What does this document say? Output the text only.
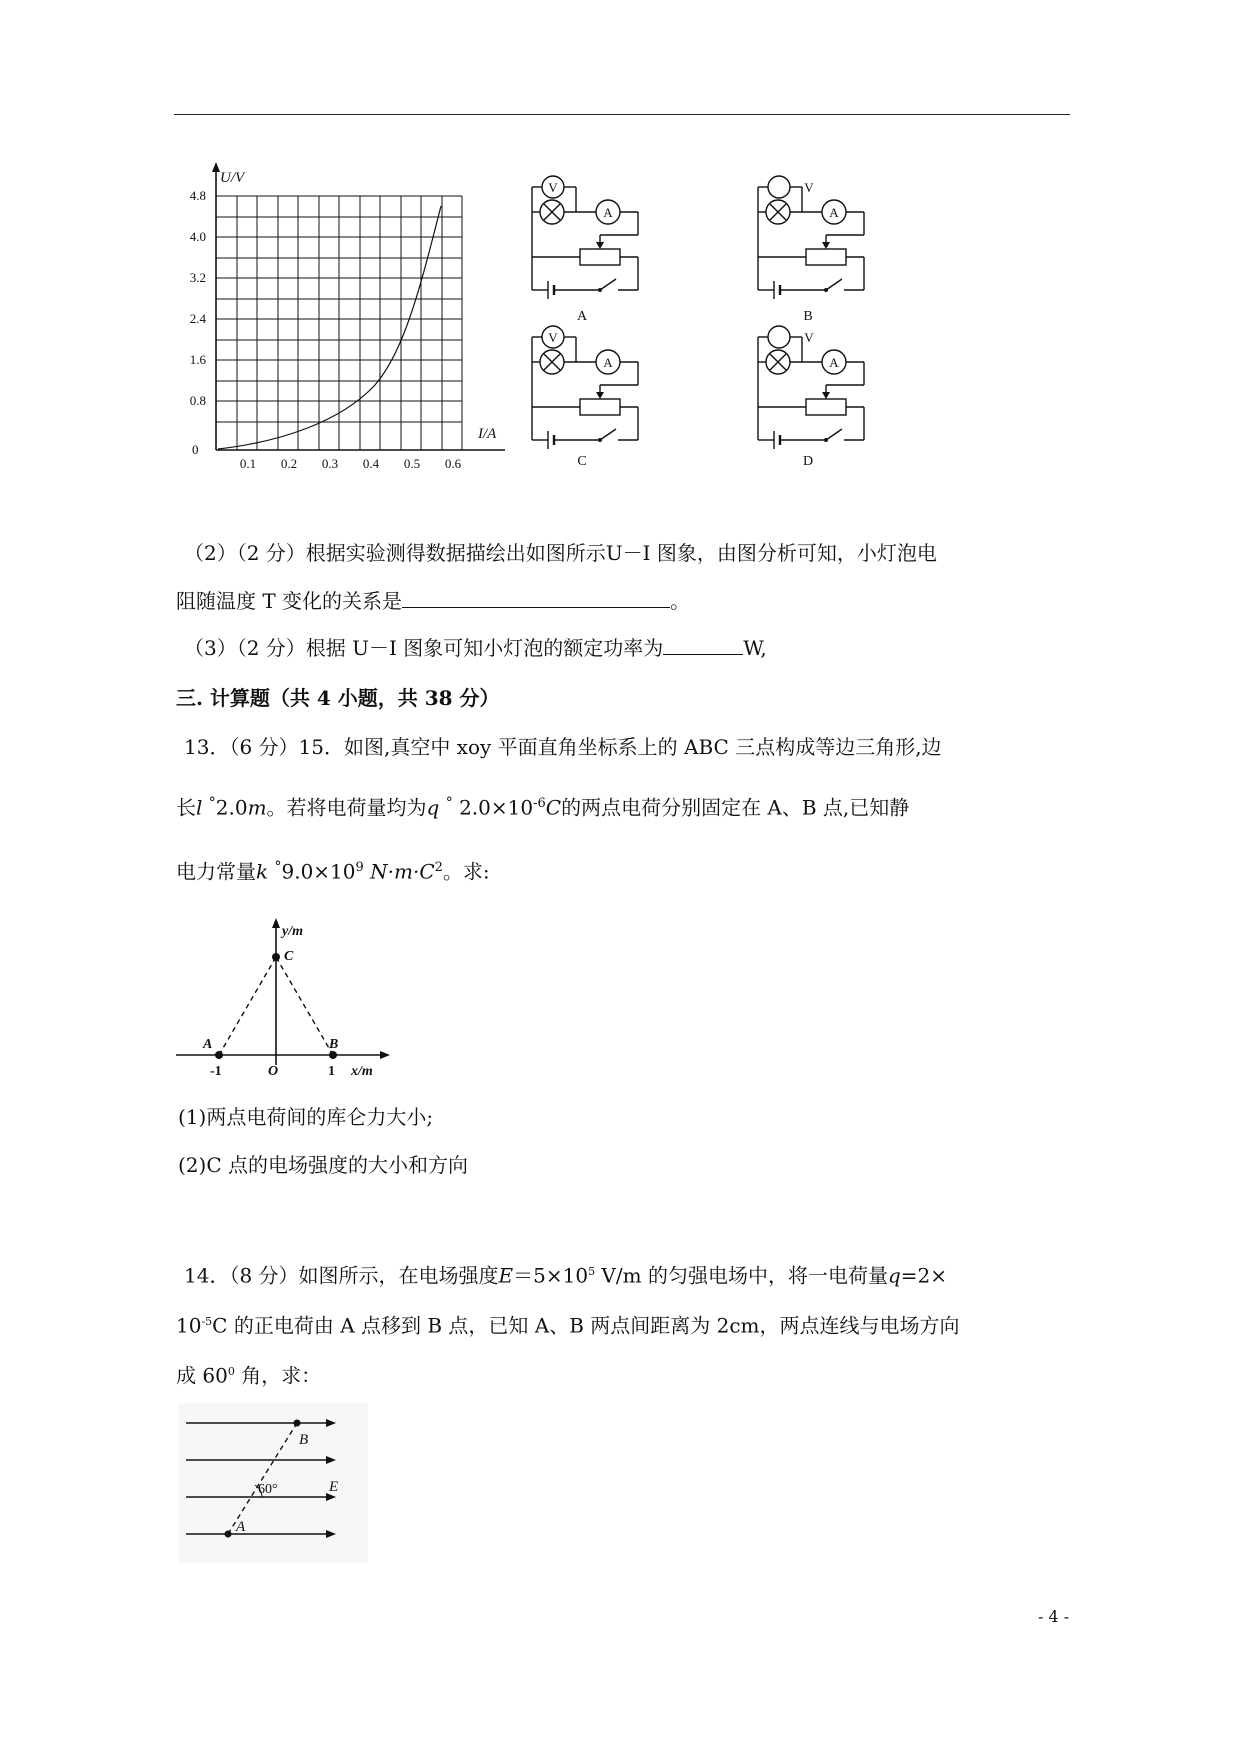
U/V
I/A
0
4.8
4.0
3.2
2.4
1.6
0.8
0.1 0.2 0.3 0.4 0.5 0.6
V
A
A
V
A
B
V
A
C
V
A
D
（2）（2 分）根据实验测得数据描绘出如图所示U－I 图象，由图分析可知，小灯泡电
阻随温度 T 变化的关系是	。
（3）（2 分）根据 U－I 图象可知小灯泡的额定功率为	W,
三. 计算题（共 4 小题，共 38 分）
13．（6 分）15．如图,真空中 xoy 平面直角坐标系上的 ABC 三点构成等边三角形,边
长l °2.0m。若将电荷量均为q ° $2.0\times 10^{-6}C$的两点电荷分别固定在 A、B 点,已知静
电力常量k $^\circ 9.0\times 10^9$ $N\cdot m\cdot C^2$。求:
y/m
C
A	B
O	x/m
-1	1
(1)两点电荷间的库仑力大小;
(2)C 点的电场强度的大小和方向
14．（8 分）如图所示，在电场强度$E=5\times 10^5$ V/m 的匀强电场中，将一电荷量q=2×
$10^{-5}C$ 的正电荷由 A 点移到 B 点，已知 A、B 两点间距离为 2cm，两点连线与电场方向
成 $60^0$ 角，求：
B
A
E
60°
- 4 -
